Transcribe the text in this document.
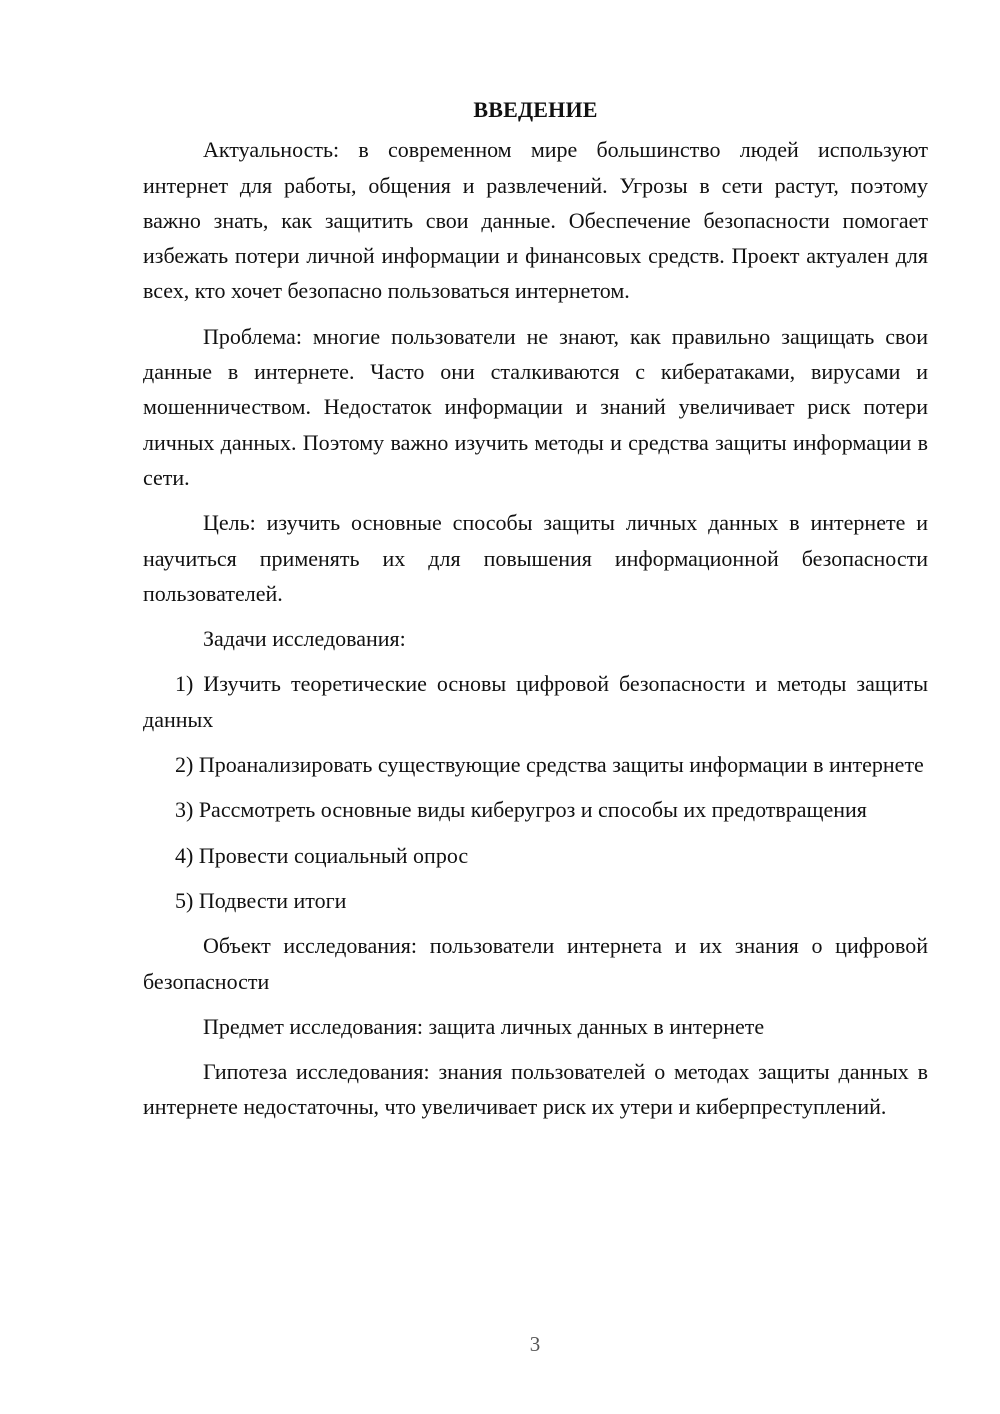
ВВЕДЕНИЕ

Актуальность: в современном мире большинство людей используют интернет для работы, общения и развлечений. Угрозы в сети растут, поэтому важно знать, как защитить свои данные. Обеспечение безопасности помогает избежать потери личной информации и финансовых средств. Проект актуален для всех, кто хочет безопасно пользоваться интернетом.

Проблема: многие пользователи не знают, как правильно защищать свои данные в интернете. Часто они сталкиваются с кибератаками, вирусами и мошенничеством. Недостаток информации и знаний увеличивает риск потери личных данных. Поэтому важно изучить методы и средства защиты информации в сети.

Цель: изучить основные способы защиты личных данных в интернете и научиться применять их для повышения информационной безопасности пользователей.

Задачи исследования:

1) Изучить теоретические основы цифровой безопасности и методы защиты данных

2) Проанализировать существующие средства защиты информации в интернете

3) Рассмотреть основные виды киберугроз и способы их предотвращения

4) Провести социальный опрос

5) Подвести итоги

Объект исследования: пользователи интернета и их знания о цифровой безопасности

Предмет исследования: защита личных данных в интернете

Гипотеза исследования: знания пользователей о методах защиты данных в интернете недостаточны, что увеличивает риск их утери и киберпреступлений.

3
